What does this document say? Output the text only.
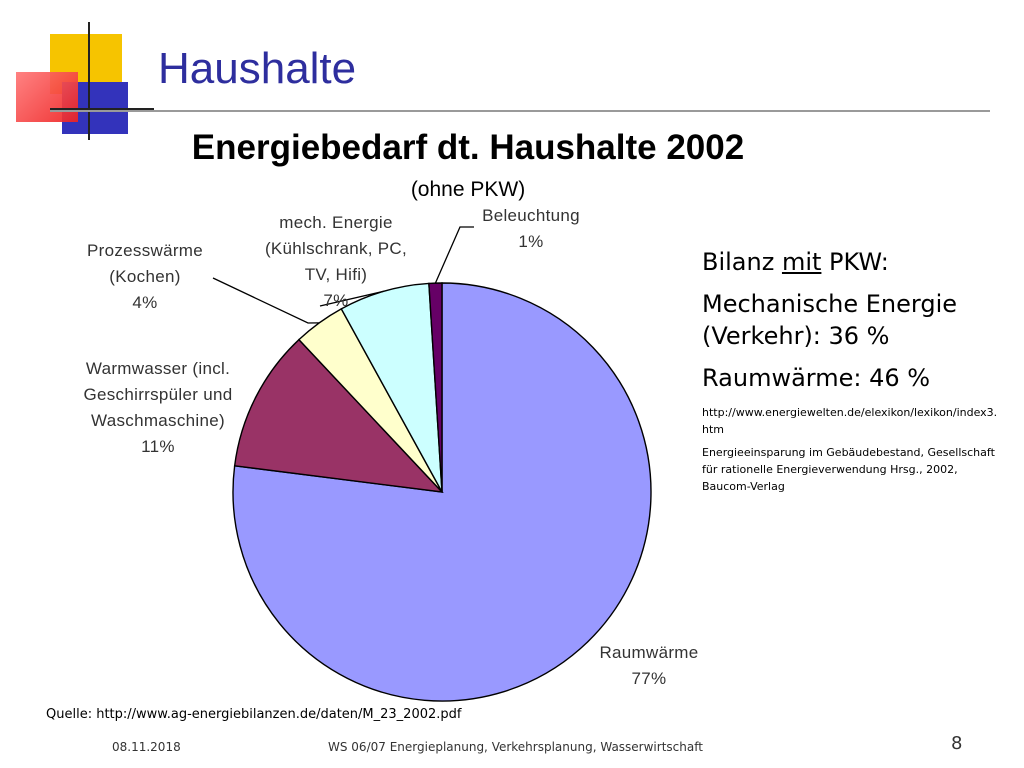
Haushalte
Energiebedarf dt. Haushalte 2002
(ohne PKW)
Raumwärme
77%
Warmwasser (incl.
Geschirrspüler und
Waschmaschine)
11%
Prozesswärme
(Kochen)
4%
mech. Energie
(Kühlschrank, PC,
TV, Hifi)
7%
Beleuchtung
1%

Bilanz mit PKW:

Mechanische Energie
(Verkehr): 36 %

Raumwärme: 46 %

http://www.energiewelten.de/elexikon/lexikon/index3.
htm

Energieeinsparung im Gebäudebestand, Gesellschaft
für rationelle Energieverwendung Hrsg., 2002,
Baucom-Verlag

Quelle: http://www.ag-energiebilanzen.de/daten/M_23_2002.pdf
08.11.2018	WS 06/07 Energieplanung, Verkehrsplanung, Wasserwirtschaft	8
